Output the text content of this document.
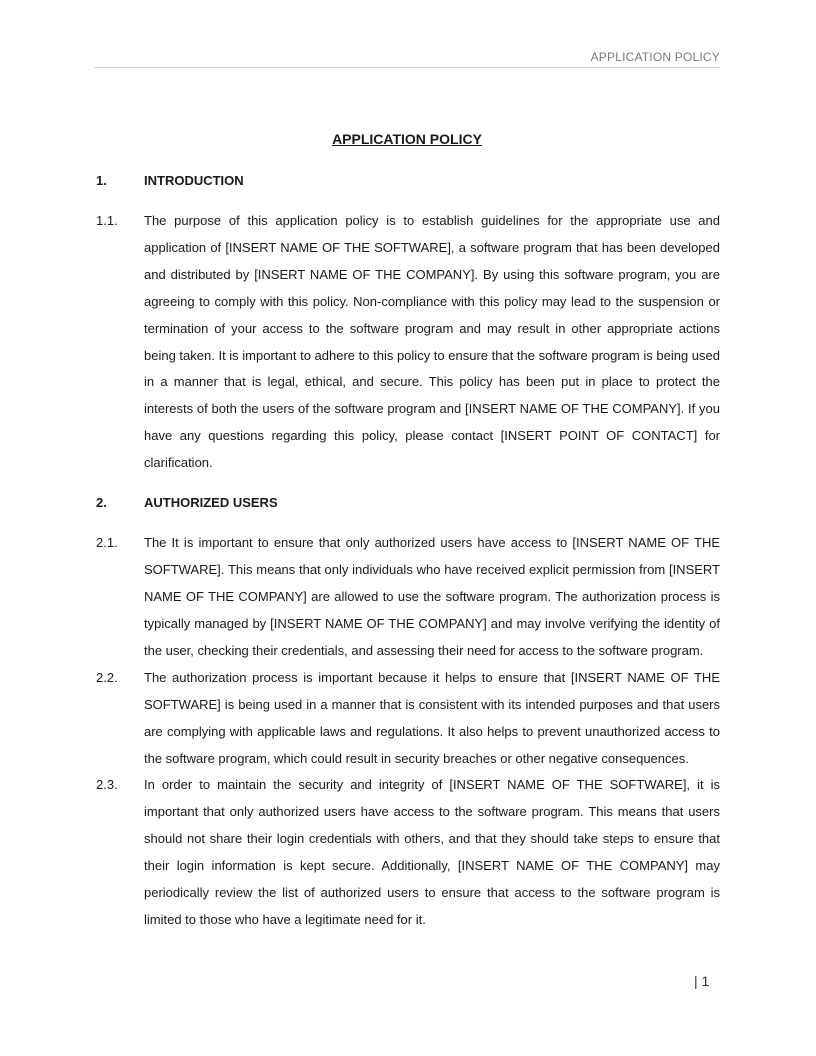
APPLICATION POLICY
APPLICATION POLICY
1.	INTRODUCTION
1.1. The purpose of this application policy is to establish guidelines for the appropriate use and application of [INSERT NAME OF THE SOFTWARE], a software program that has been developed and distributed by [INSERT NAME OF THE COMPANY]. By using this software program, you are agreeing to comply with this policy. Non-compliance with this policy may lead to the suspension or termination of your access to the software program and may result in other appropriate actions being taken. It is important to adhere to this policy to ensure that the software program is being used in a manner that is legal, ethical, and secure. This policy has been put in place to protect the interests of both the users of the software program and [INSERT NAME OF THE COMPANY]. If you have any questions regarding this policy, please contact [INSERT POINT OF CONTACT] for clarification.
2.	AUTHORIZED USERS
2.1. The It is important to ensure that only authorized users have access to [INSERT NAME OF THE SOFTWARE]. This means that only individuals who have received explicit permission from [INSERT NAME OF THE COMPANY] are allowed to use the software program. The authorization process is typically managed by [INSERT NAME OF THE COMPANY] and may involve verifying the identity of the user, checking their credentials, and assessing their need for access to the software program.
2.2. The authorization process is important because it helps to ensure that [INSERT NAME OF THE SOFTWARE] is being used in a manner that is consistent with its intended purposes and that users are complying with applicable laws and regulations. It also helps to prevent unauthorized access to the software program, which could result in security breaches or other negative consequences.
2.3. In order to maintain the security and integrity of [INSERT NAME OF THE SOFTWARE], it is important that only authorized users have access to the software program. This means that users should not share their login credentials with others, and that they should take steps to ensure that their login information is kept secure. Additionally, [INSERT NAME OF THE COMPANY] may periodically review the list of authorized users to ensure that access to the software program is limited to those who have a legitimate need for it.
| 1
